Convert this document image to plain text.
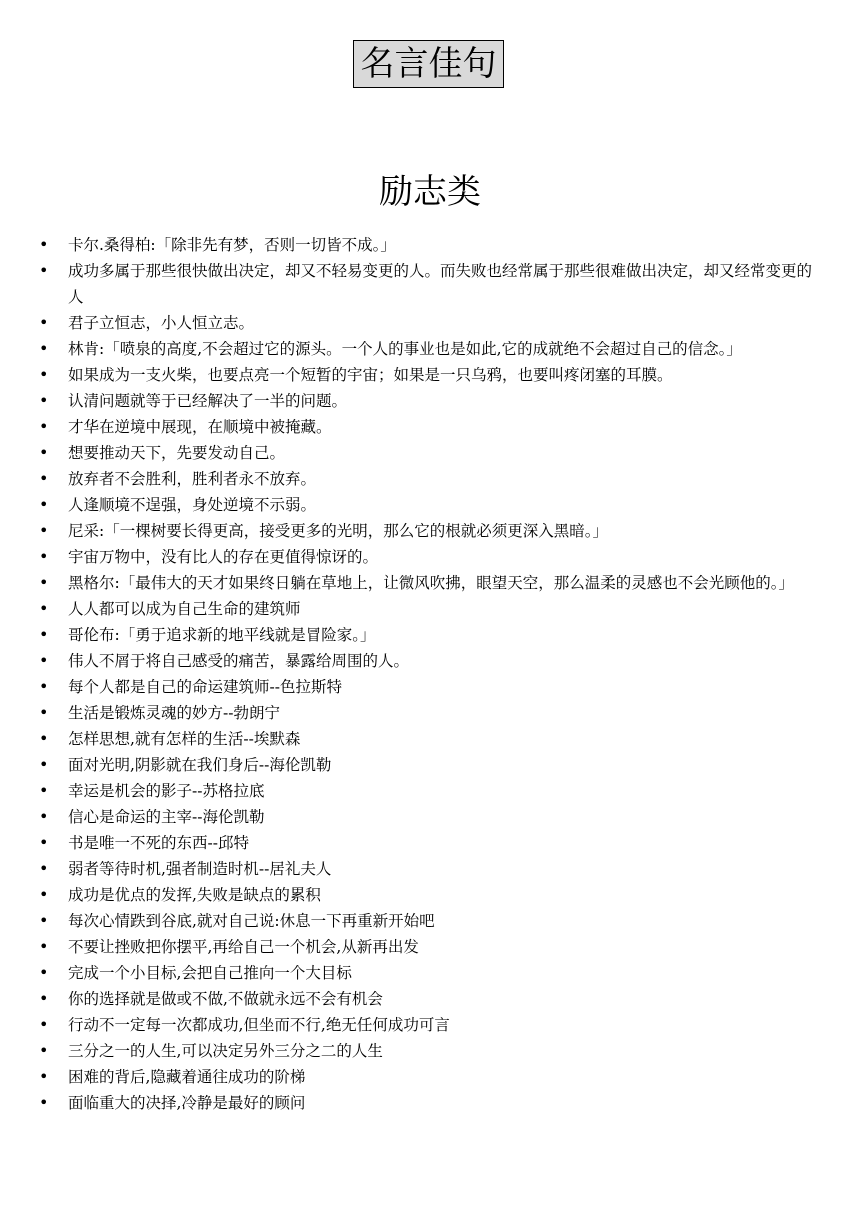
名言佳句
励志类
• 卡尔.桑得柏:「除非先有梦，否则一切皆不成。」
• 成功多属于那些很快做出决定，却又不轻易变更的人。而失败也经常属于那些很难做出决定，却又经常变更的人
• 君子立恒志，小人恒立志。
• 林肯:「喷泉的高度,不会超过它的源头。一个人的事业也是如此,它的成就绝不会超过自己的信念。」
• 如果成为一支火柴，也要点亮一个短暂的宇宙；如果是一只乌鸦，也要叫疼闭塞的耳膜。
• 认清问题就等于已经解决了一半的问题。
• 才华在逆境中展现，在顺境中被掩藏。
• 想要推动天下，先要发动自己。
• 放弃者不会胜利，胜利者永不放弃。
• 人逢顺境不逞强，身处逆境不示弱。
• 尼采:「一棵树要长得更高，接受更多的光明，那么它的根就必须更深入黑暗。」
• 宇宙万物中，没有比人的存在更值得惊讶的。
• 黑格尔:「最伟大的天才如果终日躺在草地上，让微风吹拂，眼望天空，那么温柔的灵感也不会光顾他的。」
• 人人都可以成为自己生命的建筑师
• 哥伦布:「勇于追求新的地平线就是冒险家。」
• 伟人不屑于将自己感受的痛苦，暴露给周围的人。
• 每个人都是自己的命运建筑师--色拉斯特
• 生活是锻炼灵魂的妙方--勃朗宁
• 怎样思想,就有怎样的生活--埃默森
• 面对光明,阴影就在我们身后--海伦凯勒
• 幸运是机会的影子--苏格拉底
• 信心是命运的主宰--海伦凯勒
• 书是唯一不死的东西--邱特
• 弱者等待时机,强者制造时机--居礼夫人
• 成功是优点的发挥,失败是缺点的累积
• 每次心情跌到谷底,就对自己说:休息一下再重新开始吧
• 不要让挫败把你摆平,再给自己一个机会,从新再出发
• 完成一个小目标,会把自己推向一个大目标
• 你的选择就是做或不做,不做就永远不会有机会
• 行动不一定每一次都成功,但坐而不行,绝无任何成功可言
• 三分之一的人生,可以决定另外三分之二的人生
• 困难的背后,隐藏着通往成功的阶梯
• 面临重大的决择,冷静是最好的顾问
